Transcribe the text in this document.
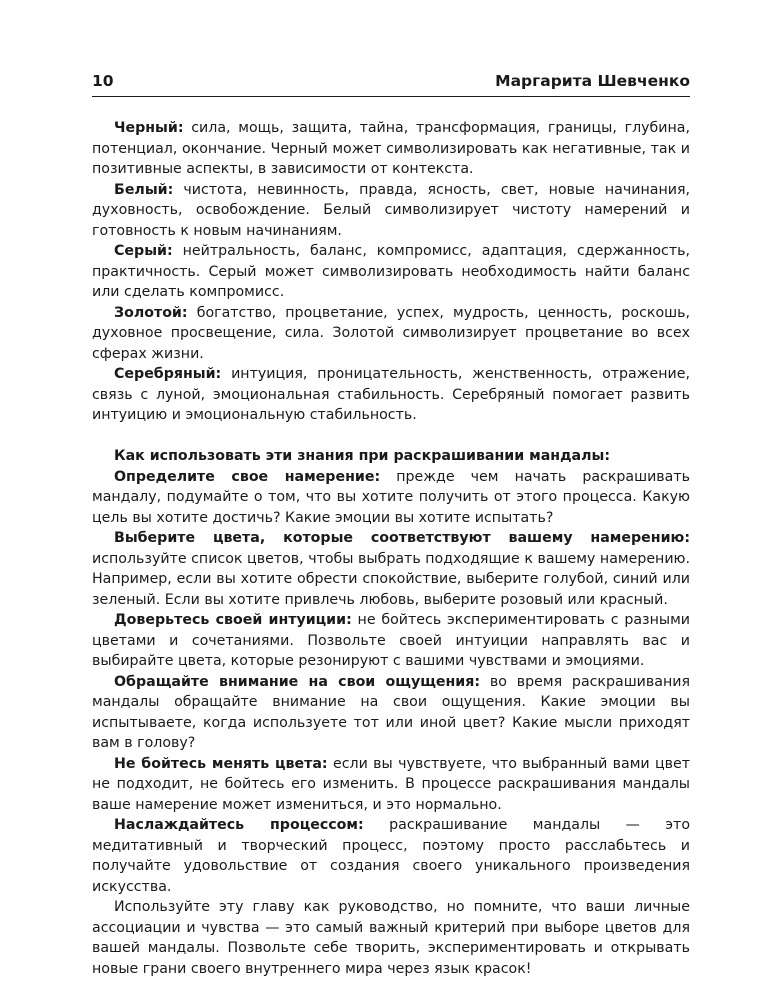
10	Маргарита Шевченко

Черный: сила, мощь, защита, тайна, трансформация, границы, глубина, потенциал, окончание. Черный может символизировать как негативные, так и позитивные аспекты, в зависимости от контекста.

Белый: чистота, невинность, правда, ясность, свет, новые начинания, духовность, освобождение. Белый символизирует чистоту намерений и готовность к новым начинаниям.

Серый: нейтральность, баланс, компромисс, адаптация, сдержанность, практичность. Серый может символизировать необходимость найти баланс или сделать компромисс.

Золотой: богатство, процветание, успех, мудрость, ценность, роскошь, духовное просвещение, сила. Золотой символизирует процветание во всех сферах жизни.

Серебряный: интуиция, проницательность, женственность, отражение, связь с луной, эмоциональная стабильность. Серебряный помогает развить интуицию и эмоциональную стабильность.

Как использовать эти знания при раскрашивании мандалы:

Определите свое намерение: прежде чем начать раскрашивать мандалу, подумайте о том, что вы хотите получить от этого процесса. Какую цель вы хотите достичь? Какие эмоции вы хотите испытать?

Выберите цвета, которые соответствуют вашему намерению: используйте список цветов, чтобы выбрать подходящие к вашему намерению. Например, если вы хотите обрести спокойствие, выберите голубой, синий или зеленый. Если вы хотите привлечь любовь, выберите розовый или красный.

Доверьтесь своей интуиции: не бойтесь экспериментировать с разными цветами и сочетаниями. Позвольте своей интуиции направлять вас и выбирайте цвета, которые резонируют с вашими чувствами и эмоциями.

Обращайте внимание на свои ощущения: во время раскрашивания мандалы обращайте внимание на свои ощущения. Какие эмоции вы испытываете, когда используете тот или иной цвет? Какие мысли приходят вам в голову?

Не бойтесь менять цвета: если вы чувствуете, что выбранный вами цвет не подходит, не бойтесь его изменить. В процессе раскрашивания мандалы ваше намерение может измениться, и это нормально.

Наслаждайтесь процессом: раскрашивание мандалы — это медитативный и творческий процесс, поэтому просто расслабьтесь и получайте удовольствие от создания своего уникального произведения искусства.

Используйте эту главу как руководство, но помните, что ваши личные ассоциации и чувства — это самый важный критерий при выборе цветов для вашей мандалы. Позвольте себе творить, экспериментировать и открывать новые грани своего внутреннего мира через язык красок!
